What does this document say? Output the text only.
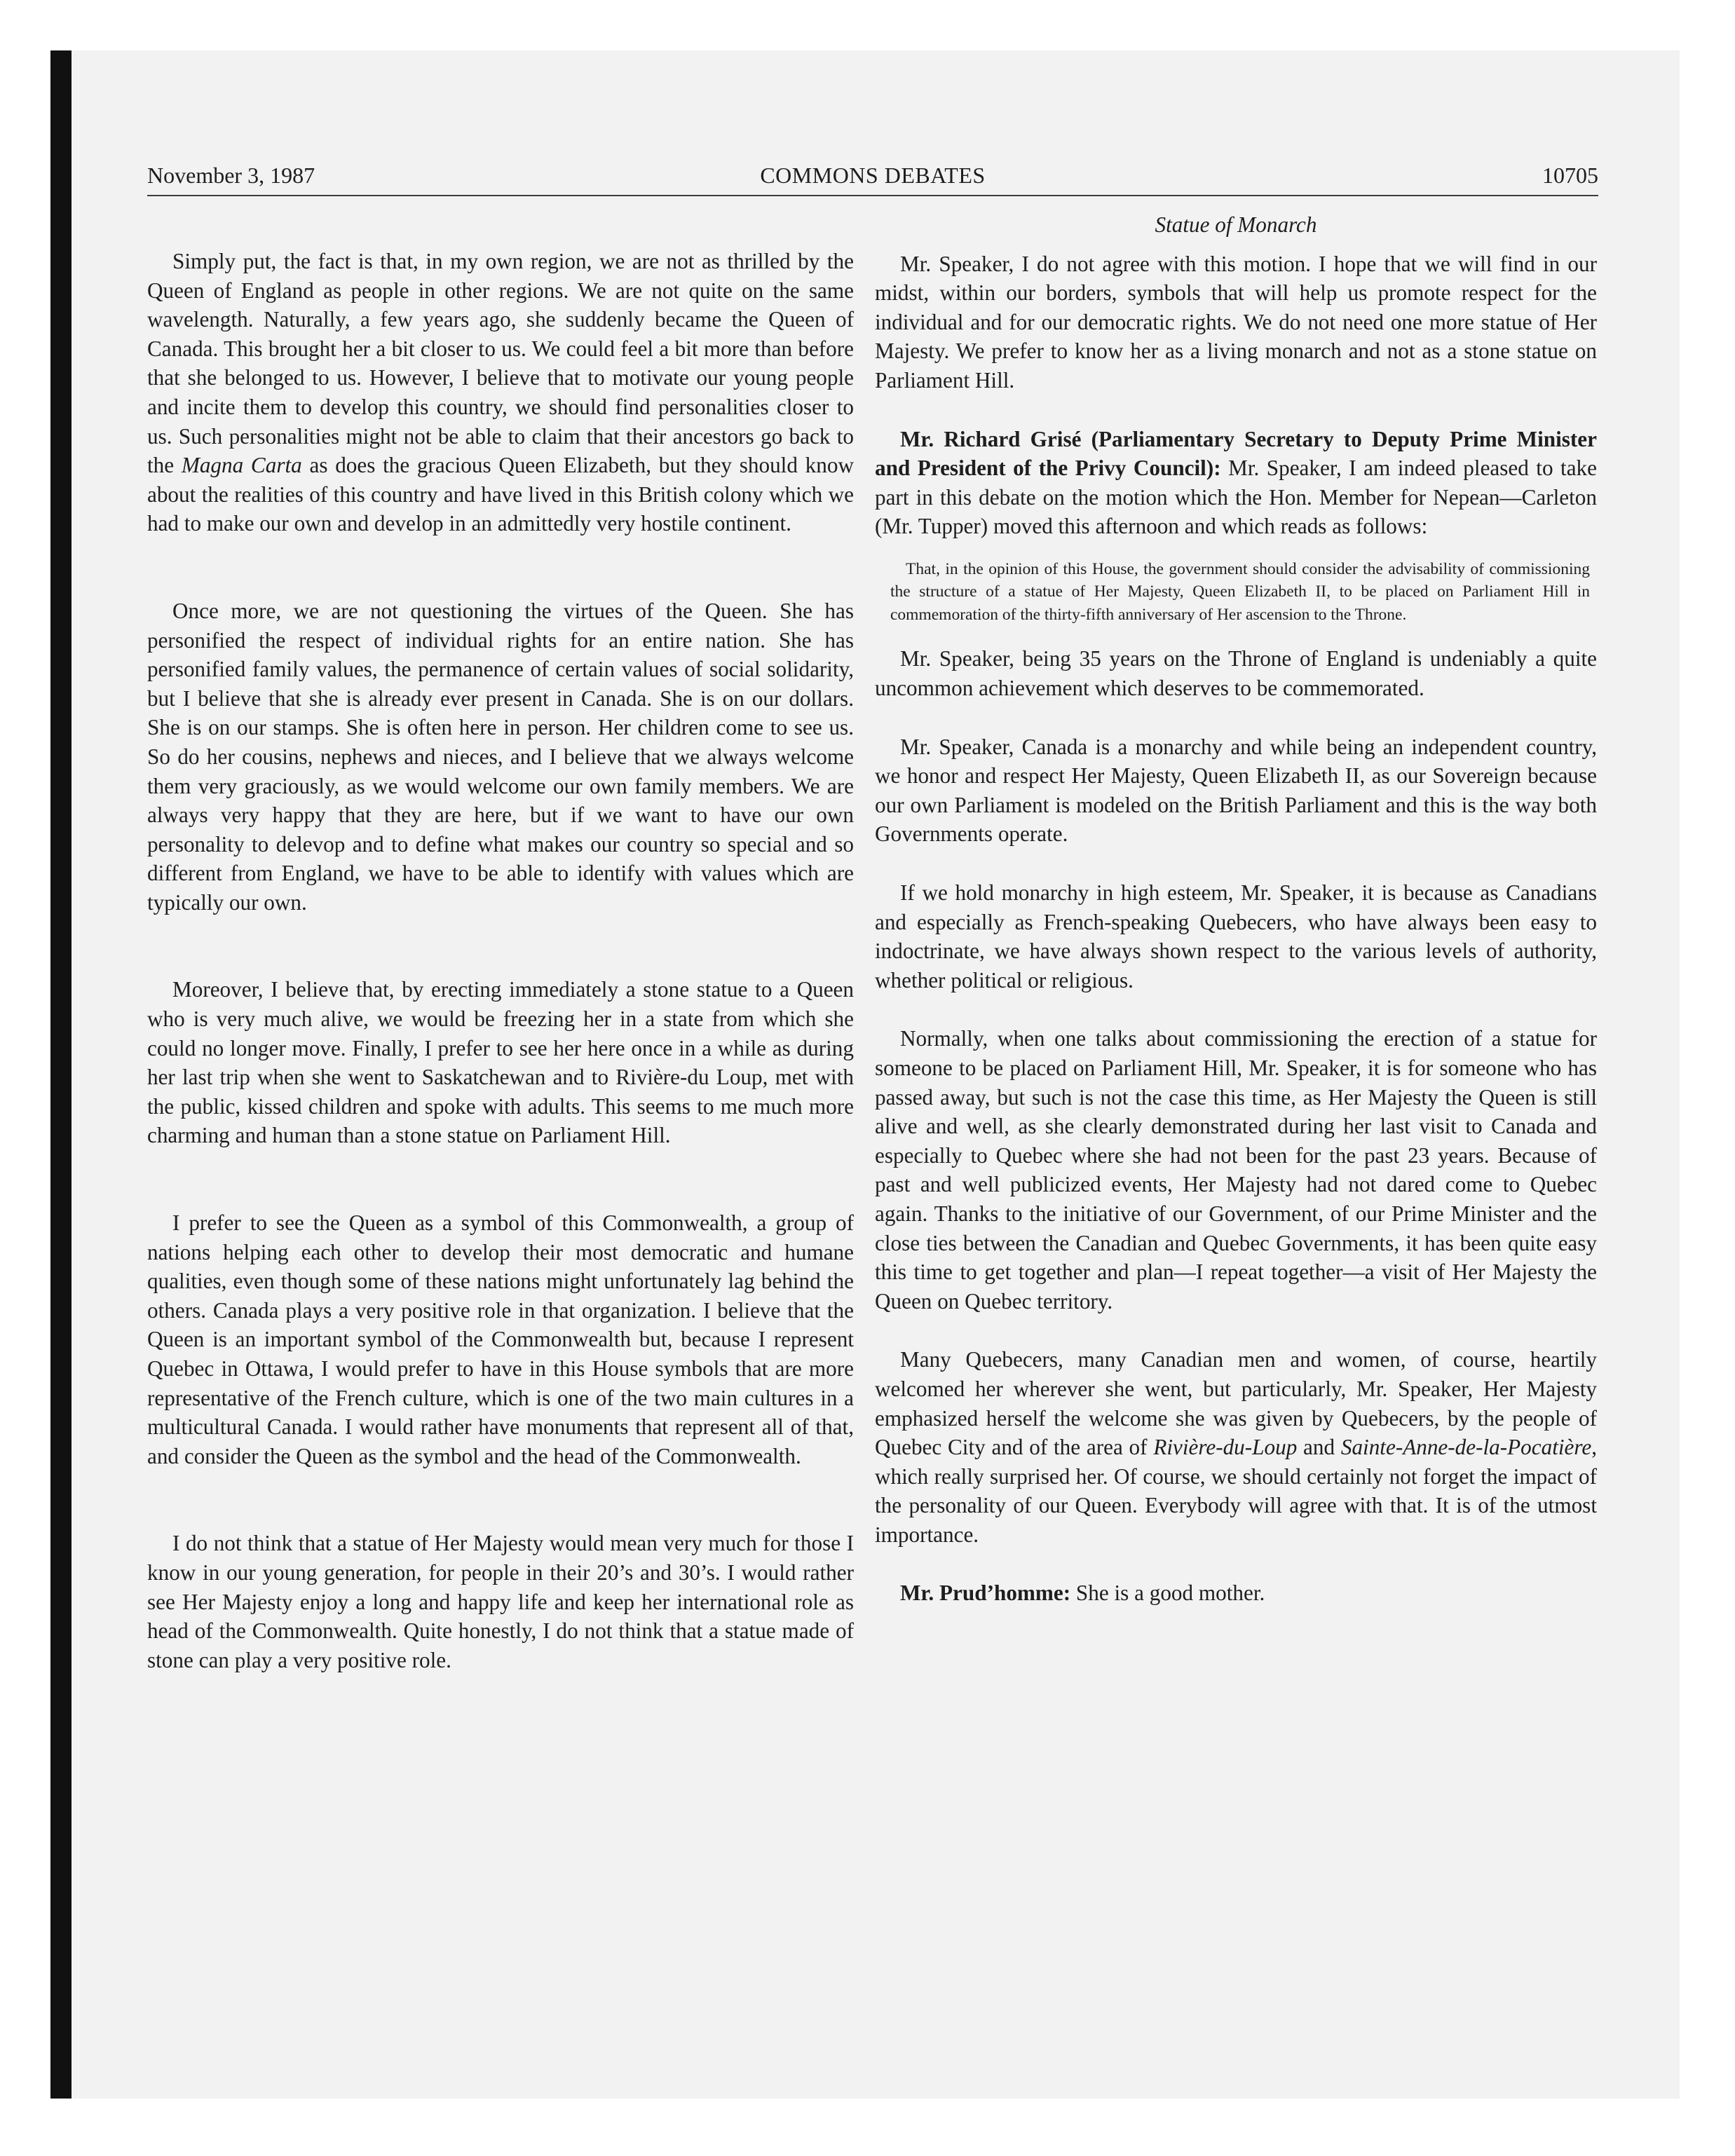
November 3, 1987	COMMONS DEBATES	10705

Simply put, the fact is that, in my own region, we are not as thrilled by the Queen of England as people in other regions. We are not quite on the same wavelength. Naturally, a few years ago, she suddenly became the Queen of Canada. This brought her a bit closer to us. We could feel a bit more than before that she belonged to us. However, I believe that to motivate our young people and incite them to develop this country, we should find personalities closer to us. Such personalities might not be able to claim that their ancestors go back to the Magna Carta as does the gracious Queen Elizabeth, but they should know about the realities of this country and have lived in this British colony which we had to make our own and develop in an admittedly very hostile continent.

Once more, we are not questioning the virtues of the Queen. She has personified the respect of individual rights for an entire nation. She has personified family values, the permanence of certain values of social solidarity, but I believe that she is already ever present in Canada. She is on our dollars. She is on our stamps. She is often here in person. Her children come to see us. So do her cousins, nephews and nieces, and I believe that we always welcome them very graciously, as we would welcome our own family members. We are always very happy that they are here, but if we want to have our own personality to delevop and to define what makes our country so special and so different from England, we have to be able to identify with values which are typically our own.

Moreover, I believe that, by erecting immediately a stone statue to a Queen who is very much alive, we would be freezing her in a state from which she could no longer move. Finally, I prefer to see her here once in a while as during her last trip when she went to Saskatchewan and to Rivière-du Loup, met with the public, kissed children and spoke with adults. This seems to me much more charming and human than a stone statue on Parliament Hill.

I prefer to see the Queen as a symbol of this Commonwealth, a group of nations helping each other to develop their most democratic and humane qualities, even though some of these nations might unfortunately lag behind the others. Canada plays a very positive role in that organization. I believe that the Queen is an important symbol of the Commonwealth but, because I represent Quebec in Ottawa, I would prefer to have in this House symbols that are more representative of the French culture, which is one of the two main cultures in a multicultural Canada. I would rather have monuments that represent all of that, and consider the Queen as the symbol and the head of the Commonwealth.

I do not think that a statue of Her Majesty would mean very much for those I know in our young generation, for people in their 20’s and 30’s. I would rather see Her Majesty enjoy a long and happy life and keep her international role as head of the Commonwealth. Quite honestly, I do not think that a statue made of stone can play a very positive role.

Statue of Monarch

Mr. Speaker, I do not agree with this motion. I hope that we will find in our midst, within our borders, symbols that will help us promote respect for the individual and for our democratic rights. We do not need one more statue of Her Majesty. We prefer to know her as a living monarch and not as a stone statue on Parliament Hill.

Mr. Richard Grisé (Parliamentary Secretary to Deputy Prime Minister and President of the Privy Council): Mr. Speaker, I am indeed pleased to take part in this debate on the motion which the Hon. Member for Nepean—Carleton (Mr. Tupper) moved this afternoon and which reads as follows:

That, in the opinion of this House, the government should consider the advisability of commissioning the structure of a statue of Her Majesty, Queen Elizabeth II, to be placed on Parliament Hill in commemoration of the thirty-fifth anniversary of Her ascension to the Throne.

Mr. Speaker, being 35 years on the Throne of England is undeniably a quite uncommon achievement which deserves to be commemorated.

Mr. Speaker, Canada is a monarchy and while being an independent country, we honor and respect Her Majesty, Queen Elizabeth II, as our Sovereign because our own Parliament is modeled on the British Parliament and this is the way both Governments operate.

If we hold monarchy in high esteem, Mr. Speaker, it is because as Canadians and especially as French-speaking Quebecers, who have always been easy to indoctrinate, we have always shown respect to the various levels of authority, whether political or religious.

Normally, when one talks about commissioning the erection of a statue for someone to be placed on Parliament Hill, Mr. Speaker, it is for someone who has passed away, but such is not the case this time, as Her Majesty the Queen is still alive and well, as she clearly demonstrated during her last visit to Canada and especially to Quebec where she had not been for the past 23 years. Because of past and well publicized events, Her Majesty had not dared come to Quebec again. Thanks to the initiative of our Government, of our Prime Minister and the close ties between the Canadian and Quebec Governments, it has been quite easy this time to get together and plan—I repeat together—a visit of Her Majesty the Queen on Quebec territory.

Many Quebecers, many Canadian men and women, of course, heartily welcomed her wherever she went, but particularly, Mr. Speaker, Her Majesty emphasized herself the welcome she was given by Quebecers, by the people of Quebec City and of the area of Rivière-du-Loup and Sainte-Anne-de-la-Pocatière, which really surprised her. Of course, we should certainly not forget the impact of the personality of our Queen. Everybody will agree with that. It is of the utmost importance.

Mr. Prud’homme: She is a good mother.
